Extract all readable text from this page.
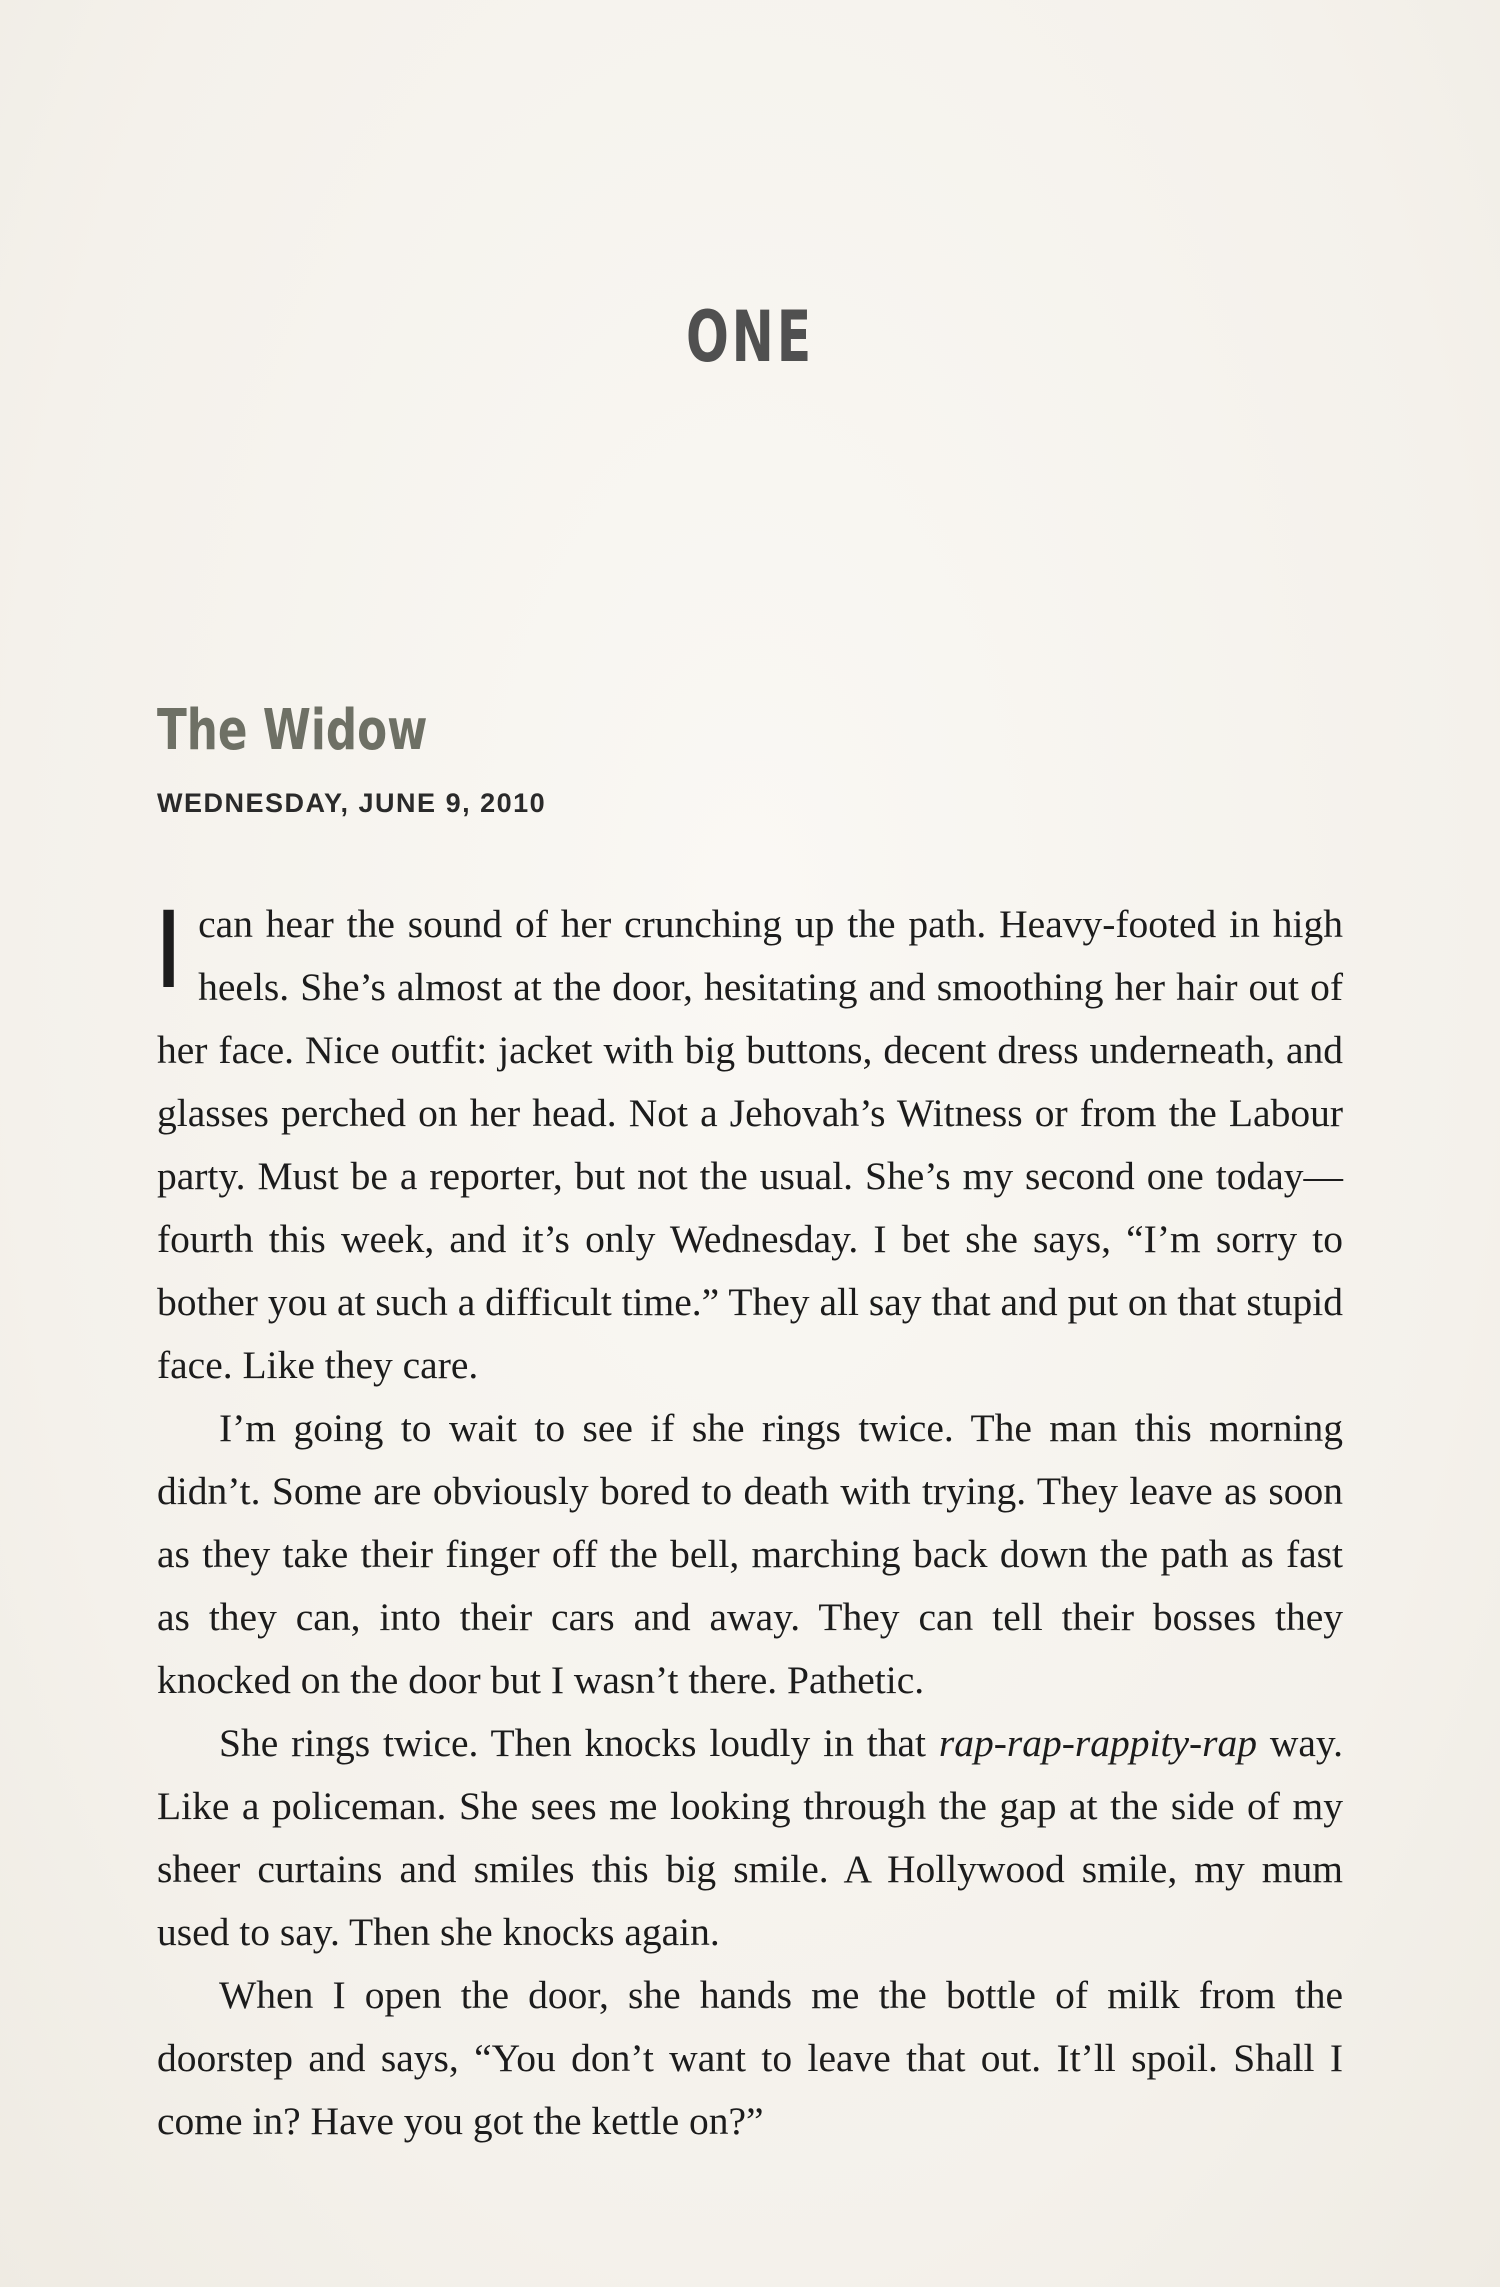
ONE
The Widow
WEDNESDAY, JUNE 9, 2010

Ican hear the sound of her crunching up the path. Heavy-footed in high heels. She’s almost at the door, hesitating and smoothing her hair out of her face. Nice outfit: jacket with big buttons, decent dress underneath, and glasses perched on her head. Not a Jehovah’s Witness or from the Labour party. Must be a reporter, but not the usual. She’s my second one today—fourth this week, and it’s only Wednesday. I bet she says, “I’m sorry to bother you at such a difficult time.” They all say that and put on that stupid face. Like they care.

I’m going to wait to see if she rings twice. The man this morning didn’t. Some are obviously bored to death with trying. They leave as soon as they take their finger off the bell, marching back down the path as fast as they can, into their cars and away. They can tell their bosses they knocked on the door but I wasn’t there. Pathetic.

She rings twice. Then knocks loudly in that rap-rap-rappity-rap way. Like a policeman. She sees me looking through the gap at the side of my sheer curtains and smiles this big smile. A Hollywood smile, my mum used to say. Then she knocks again.

When I open the door, she hands me the bottle of milk from the doorstep and says, “You don’t want to leave that out. It’ll spoil. Shall I come in? Have you got the kettle on?”
